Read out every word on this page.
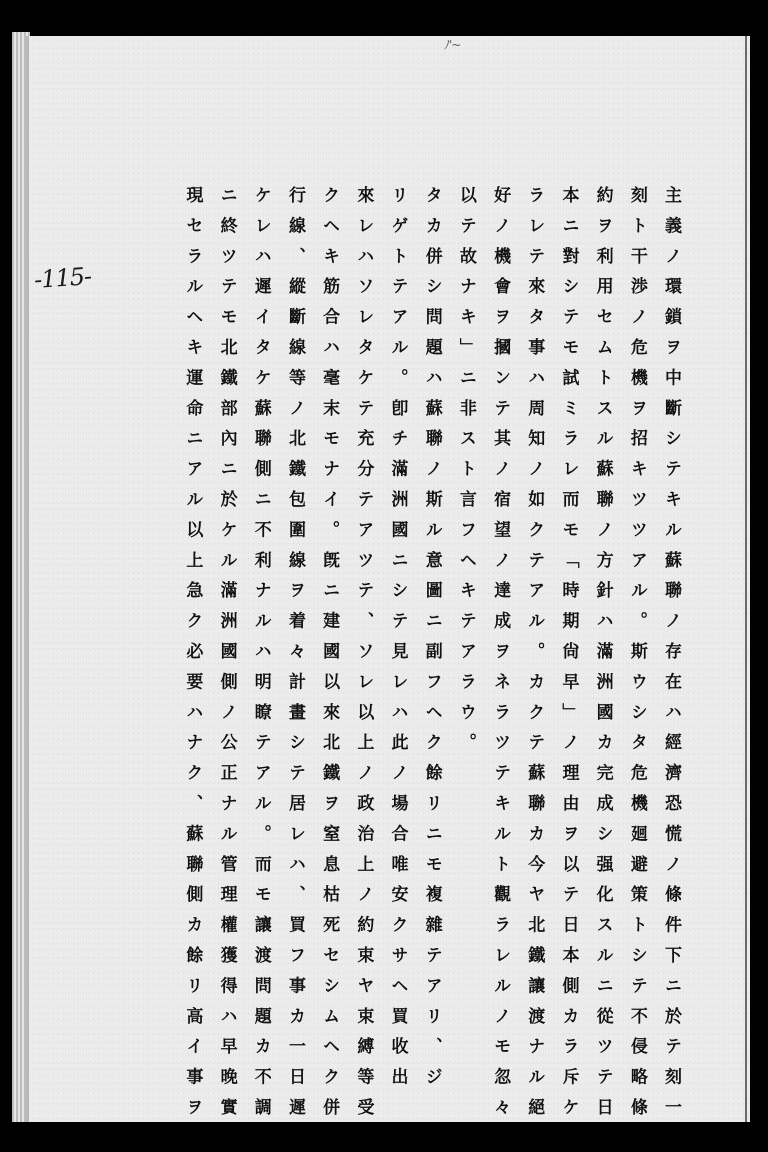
ﾉ'~
-115-	主義ノ環鎖ヲ中斷シテキル蘇聯ノ存在ハ經濟恐慌ノ條件下ニ於テ刻一
刻ト干渉ノ危機ヲ招キツツアル。斯ウシタ危機廻避策トシテ不侵略條
約ヲ利用セムトスル蘇聯ノ方針ハ滿洲國カ完成シ强化スルニ從ツテ日
本ニ對シテモ試ミラレ而モ「時期尙早」ノ理由ヲ以テ日本側カラ斥ケ
ラレテ來タ事ハ周知ノ如クテアル。カクテ蘇聯カ今ヤ北鐵讓渡ナル絕
好ノ機會ヲ摑ンテ其ノ宿望ノ達成ヲネラツテキルト觀ラレルノモ忽々
以テ故ナキ」ニ非スト言フヘキテアラウ。
タカ併シ問題ハ蘇聯ノ斯ル意圖ニ副フヘク餘リニモ複雜テアリ、ジ
リゲトテアル。卽チ滿洲國ニシテ見レハ此ノ場合唯安クサヘ買收出
來レハソレタケテ充分テアツテ、ソレ以上ノ政治上ノ約束ヤ束縛等受
クヘキ筋合ハ毫末モナイ。旣ニ建國以來北鐵ヲ窒息枯死セシムヘク併
行線、縱斷線等ノ北鐵包圍線ヲ着々計畫シテ居レハ、買フ事カ一日遲
ケレハ遲イタケ蘇聯側ニ不利ナルハ明瞭テアル。而モ讓渡問題カ不調
ニ終ツテモ北鐵部內ニ於ケル滿洲國側ノ公正ナル管理權獲得ハ早晚實
現セラルヘキ運命ニアル以上急ク必要ハナク、蘇聯側カ餘リ高イ事ヲ
